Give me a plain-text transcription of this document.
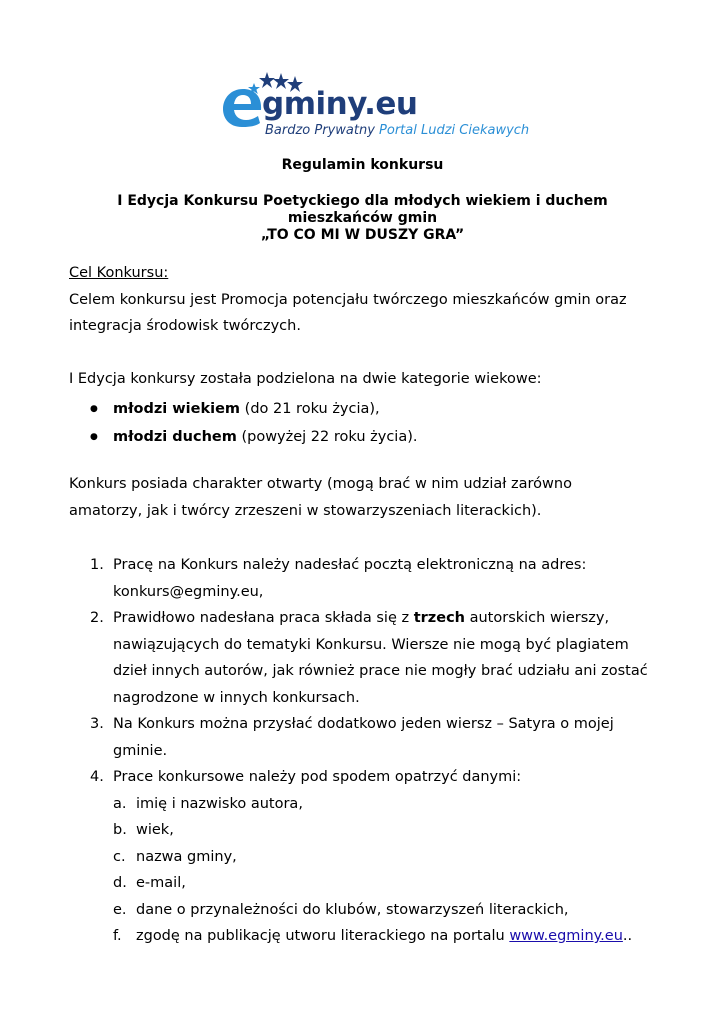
gminy.eu
Bardzo Prywatny Portal Ludzi Ciekawych
Regulamin konkursu
I Edycja Konkursu Poetyckiego dla młodych wiekiem i duchem
mieszkańców gmin
„TO CO MI W DUSZY GRA”
Cel Konkursu:
Celem konkursu jest Promocja potencjału twórczego mieszkańców gmin oraz
integracja środowisk twórczych.
I Edycja konkursy została podzielona na dwie kategorie wiekowe:
● młodzi wiekiem (do 21 roku życia),
● młodzi duchem (powyżej 22 roku życia).
Konkurs posiada charakter otwarty (mogą brać w nim udział zarówno
amatorzy, jak i twórcy zrzeszeni w stowarzyszeniach literackich).
1. Pracę na Konkurs należy nadesłać pocztą elektroniczną na adres:
konkurs@egminy.eu,
2. Prawidłowo nadesłana praca składa się z trzech autorskich wierszy,
nawiązujących do tematyki Konkursu. Wiersze nie mogą być plagiatem
dzieł innych autorów, jak również prace nie mogły brać udziału ani zostać
nagrodzone w innych konkursach.
3. Na Konkurs można przysłać dodatkowo jeden wiersz – Satyra o mojej
gminie.
4. Prace konkursowe należy pod spodem opatrzyć danymi:
a. imię i nazwisko autora,
b. wiek,
c. nazwa gminy,
d. e-mail,
e. dane o przynależności do klubów, stowarzyszeń literackich,
f. zgodę na publikację utworu literackiego na portalu www.egminy.eu..
